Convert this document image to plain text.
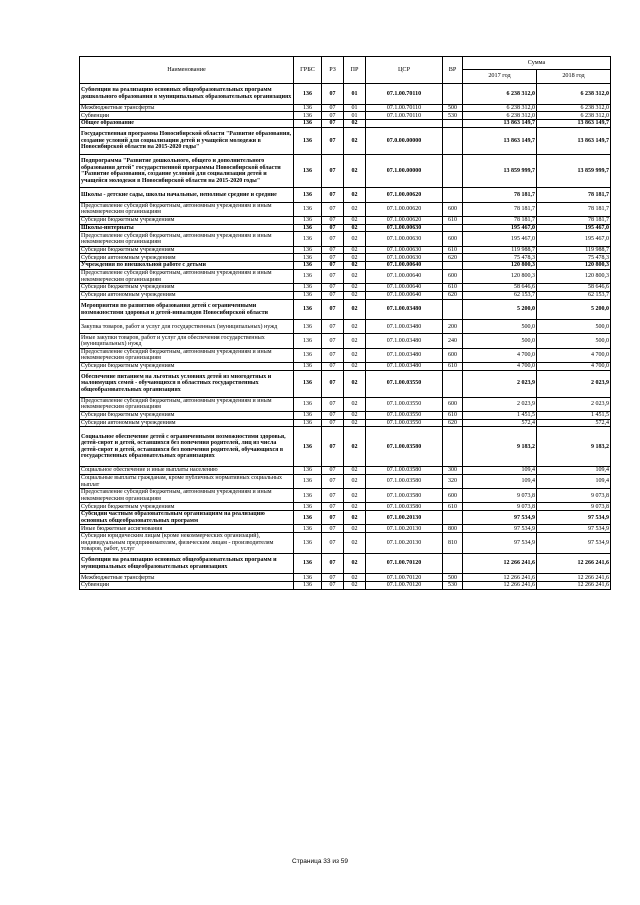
Наименование	ГРБС	РЗ	ПР	ЦСР	ВР	Сумма	
						2017 год	2018 год
Субвенции на реализацию основных общеобразовательных программ дошкольного образования в муниципальных образовательных организациях	136	07	01	07.1.00.70110		6 238 312,0	6 238 312,0
Межбюджетные трансферты	136	07	01	07.1.00.70110	500	6 238 312,0	6 238 312,0
Субвенции	136	07	01	07.1.00.70110	530	6 238 312,0	6 238 312,0
Общее образование	136	07	02			13 863 149,7	13 863 149,7
Государственная программа Новосибирской области "Развитие образования, создание условий для социализации детей и учащейся молодежи в Новосибирской области на 2015-2020 годы"	136	07	02	07.0.00.00000		13 863 149,7	13 863 149,7
Подпрограмма "Развитие дошкольного, общего и дополнительного образования детей" государственной программы Новосибирской области "Развитие образования, создание условий для социализации детей и учащейся молодежи в Новосибирской области на 2015-2020 годы"	136	07	02	07.1.00.00000		13 859 999,7	13 859 999,7
Школы - детские сады, школы начальные, неполные средние и средние	136	07	02	07.1.00.00620		78 181,7	78 181,7
Предоставление субсидий бюджетным, автономным учреждениям и иным некоммерческим организациям	136	07	02	07.1.00.00620	600	78 181,7	78 181,7
Субсидии бюджетным учреждениям	136	07	02	07.1.00.00620	610	78 181,7	78 181,7
Школы-интернаты	136	07	02	07.1.00.00630		195 467,0	195 467,0
Предоставление субсидий бюджетным, автономным учреждениям и иным некоммерческим организациям	136	07	02	07.1.00.00630	600	195 467,0	195 467,0
Субсидии бюджетным учреждениям	136	07	02	07.1.00.00630	610	119 988,7	119 988,7
Субсидии автономным учреждениям	136	07	02	07.1.00.00630	620	75 478,3	75 478,3
Учреждения по внешкольной работе с детьми	136	07	02	07.1.00.00640		120 800,3	120 800,3
Предоставление субсидий бюджетным, автономным учреждениям и иным некоммерческим организациям	136	07	02	07.1.00.00640	600	120 800,3	120 800,3
Субсидии бюджетным учреждениям	136	07	02	07.1.00.00640	610	58 646,6	58 646,6
Субсидии автономным учреждениям	136	07	02	07.1.00.00640	620	62 153,7	62 153,7
Мероприятия по развитию образования детей с ограниченными возможностями здоровья и детей-инвалидов Новосибирской области	136	07	02	07.1.00.03480		5 200,0	5 200,0
Закупка товаров, работ и услуг для государственных (муниципальных) нужд	136	07	02	07.1.00.03480	200	500,0	500,0
Иные закупки товаров, работ и услуг для обеспечения государственных (муниципальных) нужд	136	07	02	07.1.00.03480	240	500,0	500,0
Предоставление субсидий бюджетным, автономным учреждениям и иным некоммерческим организациям	136	07	02	07.1.00.03480	600	4 700,0	4 700,0
Субсидии бюджетным учреждениям	136	07	02	07.1.00.03480	610	4 700,0	4 700,0
Обеспечение питанием на льготных условиях детей из многодетных и малоимущих семей - обучающихся в областных государственных общеобразовательных организациях	136	07	02	07.1.00.03550		2 023,9	2 023,9
Предоставление субсидий бюджетным, автономным учреждениям и иным некоммерческим организациям	136	07	02	07.1.00.03550	600	2 023,9	2 023,9
Субсидии бюджетным учреждениям	136	07	02	07.1.00.03550	610	1 451,5	1 451,5
Субсидии автономным учреждениям	136	07	02	07.1.00.03550	620	572,4	572,4
Социальное обеспечение детей с ограниченными возможностями здоровья, детей-сирот и детей, оставшихся без попечения родителей, лиц из числа детей-сирот и детей, оставшихся без попечения родителей, обучающихся в государственных образовательных организациях	136	07	02	07.1.00.03580		9 183,2	9 183,2
Социальное обеспечение и иные выплаты населению	136	07	02	07.1.00.03580	300	109,4	109,4
Социальные выплаты гражданам, кроме публичных нормативных социальных выплат	136	07	02	07.1.00.03580	320	109,4	109,4
Предоставление субсидий бюджетным, автономным учреждениям и иным некоммерческим организациям	136	07	02	07.1.00.03580	600	9 073,8	9 073,8
Субсидии бюджетным учреждениям	136	07	02	07.1.00.03580	610	9 073,8	9 073,8
Субсидии частным образовательным организациям на реализацию основных общеобразовательных программ	136	07	02	07.1.00.20130		97 534,9	97 534,9
Иные бюджетные ассигнования	136	07	02	07.1.00.20130	800	97 534,9	97 534,9
Субсидии юридическим лицам (кроме некоммерческих организаций), индивидуальным предпринимателям, физическим лицам - производителям товаров, работ, услуг	136	07	02	07.1.00.20130	810	97 534,9	97 534,9
Субвенции на реализацию основных общеобразовательных программ и муниципальных общеобразовательных организациях	136	07	02	07.1.00.70120		12 266 241,6	12 266 241,6
Межбюджетные трансферты	136	07	02	07.1.00.70120	500	12 266 241,6	12 266 241,6
Субвенции	136	07	02	07.1.00.70120	530	12 266 241,6	12 266 241,6
Страница 33 из 59
